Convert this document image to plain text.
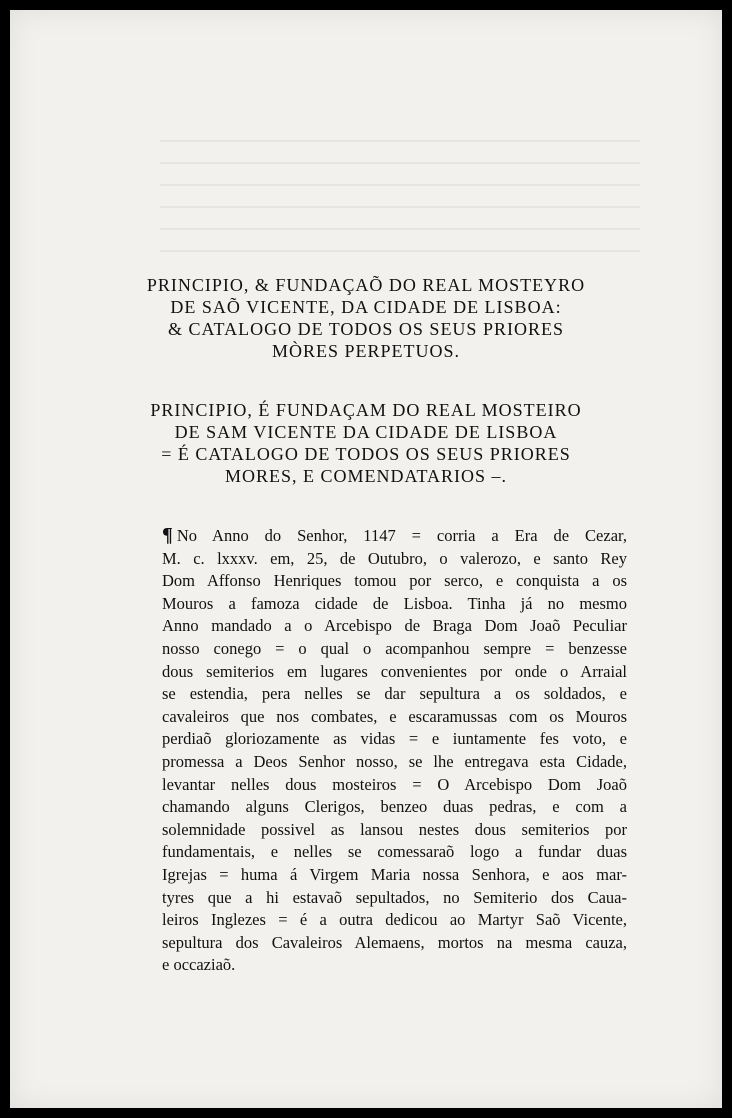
PRINCIPIO, & FUNDAÇAÕ DO REAL MOSTEYRO
DE SAÕ VICENTE, DA CIDADE DE LISBOA:
& CATALOGO DE TODOS OS SEUS PRIORES
MÒRES PERPETUOS.
PRINCIPIO, É FUNDAÇAM DO REAL MOSTEIRO
DE SAM VICENTE DA CIDADE DE LISBOA
= É CATALOGO DE TODOS OS SEUS PRIORES
MORES, E COMENDATARIOS –.
¶ No Anno do Senhor, 1147 = corria a Era de Cezar,
M. c. lxxxv. em, 25, de Outubro, o valerozo, e santo Rey
Dom Affonso Henriques tomou por serco, e conquista a os
Mouros a famoza cidade de Lisboa. Tinha já no mesmo
Anno mandado a o Arcebispo de Braga Dom Joaõ Peculiar
nosso conego = o qual o acompanhou sempre = benzesse
dous semiterios em lugares convenientes por onde o Arraial
se estendia, pera nelles se dar sepultura a os soldados, e
cavaleiros que nos combates, e escaramussas com os Mouros
perdiaõ gloriozamente as vidas = e iuntamente fes voto, e
promessa a Deos Senhor nosso, se lhe entregava esta Cidade,
levantar nelles dous mosteiros = O Arcebispo Dom Joaõ
chamando alguns Clerigos, benzeo duas pedras, e com a
solemnidade possivel as lansou nestes dous semiterios por
fundamentais, e nelles se comessaraõ logo a fundar duas
Igrejas = huma á Virgem Maria nossa Senhora, e aos mar-
tyres que a hi estavaõ sepultados, no Semiterio dos Caua-
leiros Inglezes = é a outra dedicou ao Martyr Saõ Vicente,
sepultura dos Cavaleiros Alemaens, mortos na mesma cauza,
e occaziaõ.
